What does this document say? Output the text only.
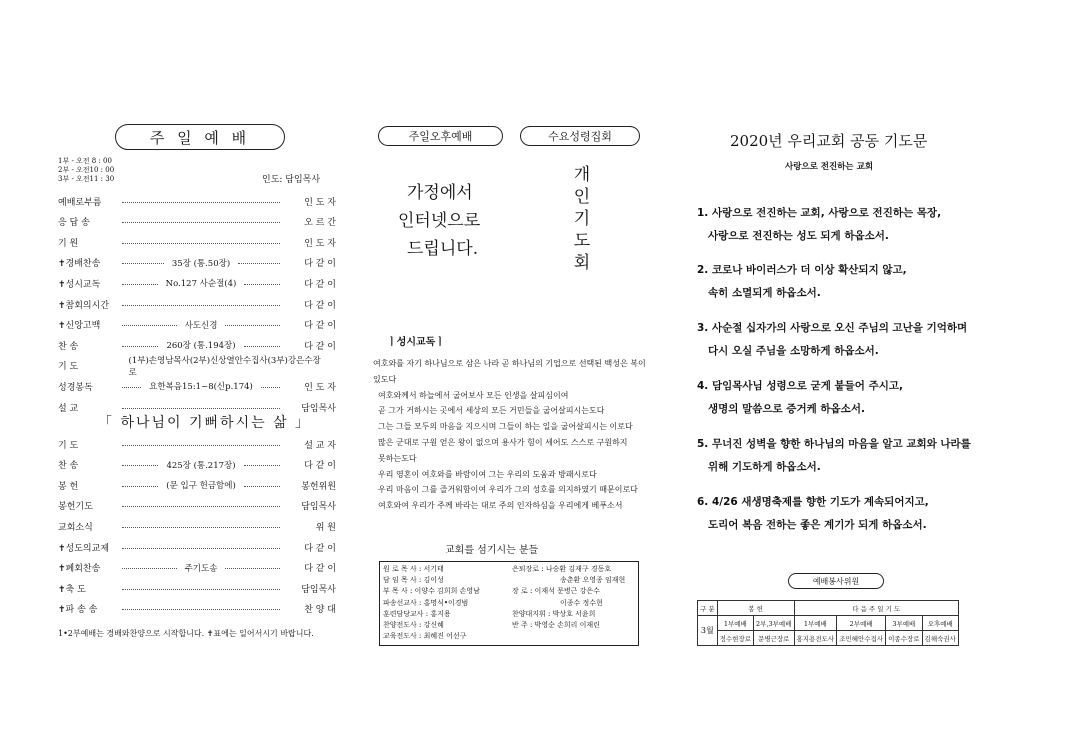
주 일 예 배
1부 - 오전 8 : 00
2부 - 오전10 : 00
3부 - 오전11 : 30	인도: 담임목사
예배로부름	인 도 자
응 답 송	오 르 간
기 원	인 도 자
✝경배찬송	35장 (통.50장)	다 같 이
✝성시교독	No.127 사순절(4)	다 같 이
✝참회의시간	다 같 이
✝신앙고백	사도신경	다 같 이
찬 송	260장 (통.194장)	다 같 이
기 도
(1부)손영남목사(2부)신상열안수집사(3부)강은수장로
성경봉독	요한복음15:1~8(신p.174)	인 도 자
설 교	담임목사
「 하나님이 기뻐하시는 삶 」
기 도	설 교 자
찬 송	425장 (통.217장)	다 같 이
봉 헌	(문 입구 헌금함에)	봉헌위원
봉헌기도	담임목사
교회소식	위 원
✝성도의교제	다 같 이
✝폐회찬송	주기도송	다 같 이
✝축 도	담임목사
✝파 송 송	찬 양 대
1•2부예배는 경배와찬양으로 시작합니다. ✝표에는 일어서시기 바랍니다.
주일오후예배	수요성령집회
가정에서
인터넷으로
드립니다.
개
인
기
도
회
ㅣ성시교독ㅣ
여호와를 자기 하나님으로 삼은 나라 곧 하나님의 기업으로 선택된 백성은 복이
있도다
여호와께서 하늘에서 굽어보사 모든 인생을 살피심이여
곧 그가 거하시는 곳에서 세상의 모든 거민들을 굽어살피시는도다
그는 그들 모두의 마음을 지으시며 그들이 하는 일을 굽어살피시는 이로다
많은 군대로 구원 얻은 왕이 없으며 용사가 힘이 세어도 스스로 구원하지
못하는도다
우리 영혼이 여호와를 바람이여 그는 우리의 도움과 방패시로다
우리 마음이 그를 즐거워함이여 우리가 그의 성호를 의지하였기 때문이로다
여호와여 우리가 주께 바라는 대로 주의 인자하심을 우리에게 베푸소서
교회를 섬기시는 분들
원 로 목 사 : 서기태
담 임 목 사 : 김이성
부 목 사 : 이양수 김희희 손영남
파송선교사 : 홍명식•이경범
훈련담당교사 : 홍지용
찬양전도사 : 강신혜
교육전도사 : 최혜진 어선구
은퇴장로 : 나승환 김재구 경동호
송춘환 오영종 임재현
장 로 : 이재석 문병근 강은수
이종수 정수현
찬양대지휘 : 박상호 서윤희
반 주 : 박영순 손희리 이재린
2020년 우리교회 공동 기도문
사랑으로 전진하는 교회
1. 사랑으로 전진하는 교회, 사랑으로 전진하는 목장,
사랑으로 전진하는 성도 되게 하옵소서.
2. 코로나 바이러스가 더 이상 확산되지 않고,
속히 소멸되게 하옵소서.
3. 사순절 십자가의 사랑으로 오신 주님의 고난을 기억하며
다시 오실 주님을 소망하게 하옵소서.
4. 담임목사님 성령으로 굳게 붙들어 주시고,
생명의 말씀으로 증거케 하옵소서.
5. 무너진 성벽을 향한 하나님의 마음을 알고 교회와 나라를
위해 기도하게 하옵소서.
6. 4/26 새생명축제를 향한 기도가 계속되어지고,
도리어 복음 전하는 좋은 계기가 되게 하옵소서.
예배봉사위원
구 분	봉 헌		다 음 주 일 기 도			
3월	1부예배	2부,3부예배	1부예배	2부예배	3부예배	오후예배
	정수현장로	문병근장로	홍지용전도사	조민혜안수집사	이종수장로	김해숙권사
